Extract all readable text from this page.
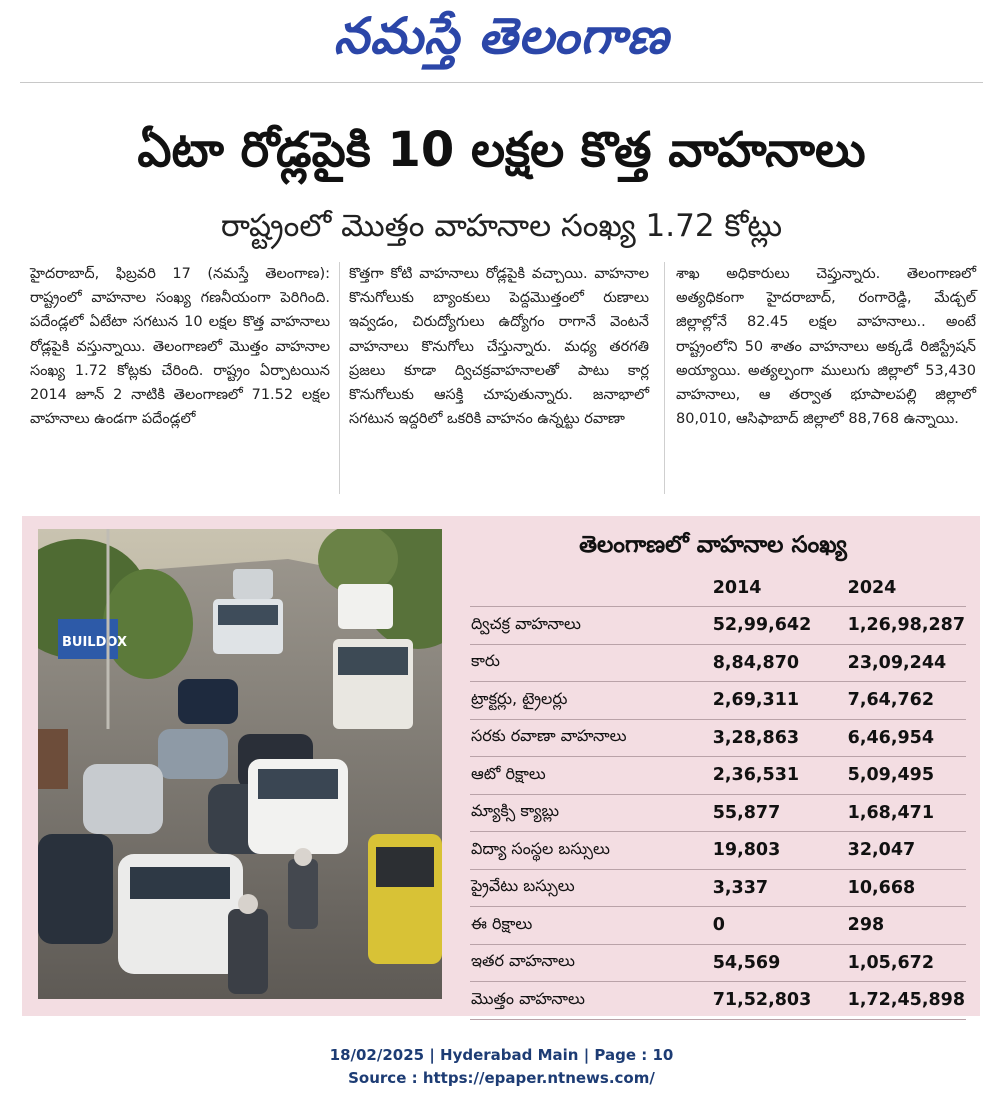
నమస్తే తెలంగాణ
ఏటా రోడ్లపైకి 10 లక్షల కొత్త వాహనాలు
రాష్ట్రంలో మొత్తం వాహనాల సంఖ్య 1.72 కోట్లు
హైదరాబాద్, ఫిబ్రవరి 17 (నమస్తే తెలంగాణ): రాష్ట్రంలో వాహనాల సంఖ్య గణనీయంగా పెరిగింది. పదేండ్లలో ఏటేటా సగటున 10 లక్షల కొత్త వాహనాలు రోడ్లపైకి వస్తున్నాయి. తెలంగాణలో మొత్తం వాహనాల సంఖ్య 1.72 కోట్లకు చేరింది. రాష్ట్రం ఏర్పాటయిన 2014 జూన్ 2 నాటికి తెలంగాణలో 71.52 లక్షల వాహనాలు ఉండగా పదేండ్లలో
కొత్తగా కోటి వాహనాలు రోడ్లపైకి వచ్చాయి. వాహనాల కొనుగోలుకు బ్యాంకులు పెద్దమొత్తంలో రుణాలు ఇవ్వడం, చిరుద్యోగులు ఉద్యోగం రాగానే వెంటనే వాహనాలు కొనుగోలు చేస్తున్నారు. మధ్య తరగతి ప్రజలు కూడా ద్విచక్రవాహనాలతో పాటు కార్ల కొనుగోలుకు ఆసక్తి చూపుతున్నారు. జనాభాలో సగటున ఇద్దరిలో ఒకరికి వాహనం ఉన్నట్టు రవాణా
శాఖ అధికారులు చెప్తున్నారు. తెలంగాణలో అత్యధికంగా హైదరాబాద్, రంగారెడ్డి, మేడ్చల్ జిల్లాల్లోనే 82.45 లక్షల వాహనాలు.. అంటే రాష్ట్రంలోని 50 శాతం వాహనాలు అక్కడే రిజిస్ట్రేషన్ అయ్యాయి. అత్యల్పంగా ములుగు జిల్లాలో 53,430 వాహనాలు, ఆ తర్వాత భూపాలపల్లి జిల్లాలో 80,010, ఆసిఫాబాద్ జిల్లాలో 88,768 ఉన్నాయి.
BUILDOX
తెలంగాణలో వాహనాల సంఖ్య
	2014	2024
ద్విచక్ర వాహనాలు	52,99,642	1,26,98,287
కారు	8,84,870	23,09,244
ట్రాక్టర్లు, ట్రైలర్లు	2,69,311	7,64,762
సరకు రవాణా వాహనాలు	3,28,863	6,46,954
ఆటో రిక్షాలు	2,36,531	5,09,495
మ్యాక్సి క్యాబ్లు	55,877	1,68,471
విద్యా సంస్థల బస్సులు	19,803	32,047
ప్రైవేటు బస్సులు	3,337	10,668
ఈ రిక్షాలు	0	298
ఇతర వాహనాలు	54,569	1,05,672
మొత్తం వాహనాలు	71,52,803	1,72,45,898
18/02/2025 | Hyderabad Main | Page : 10
Source : https://epaper.ntnews.com/
